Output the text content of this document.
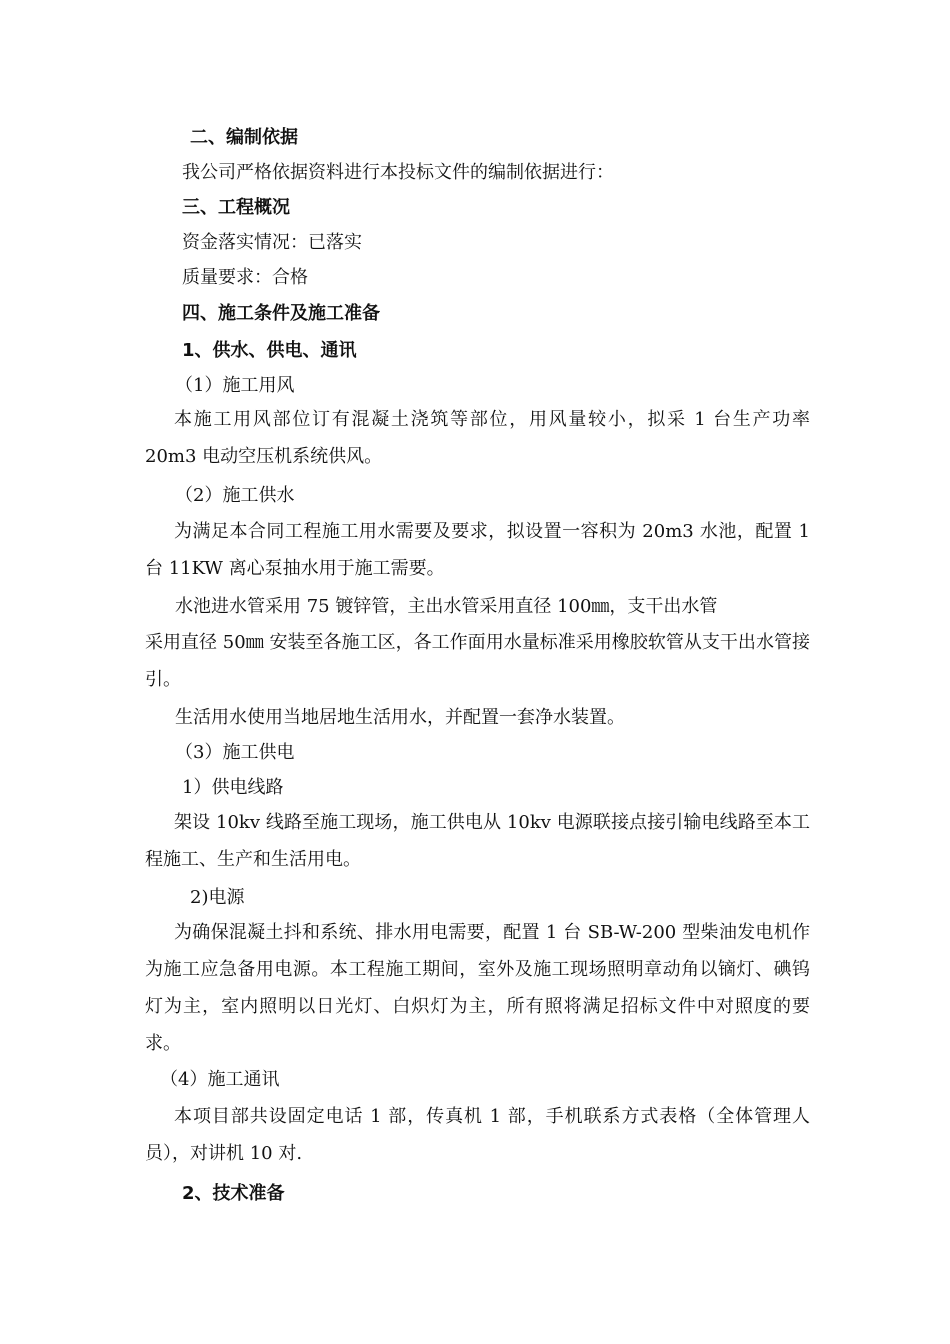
二、编制依据
我公司严格依据资料进行本投标文件的编制依据进行：
三、工程概况
资金落实情况：已落实
质量要求：合格
四、施工条件及施工准备
1、供水、供电、通讯
（1）施工用风
本施工用风部位订有混凝土浇筑等部位，用风量较小，拟采 1 台生产功率 20m3 电动空压机系统供风。
（2）施工供水
为满足本合同工程施工用水需要及要求，拟设置一容积为 20m3 水池，配置 1 台 11KW 离心泵抽水用于施工需要。
水池进水管采用 75 镀锌管，主出水管采用直径 100㎜，支干出水管
采用直径 50㎜ 安装至各施工区，各工作面用水量标准采用橡胶软管从支干出水管接引。
生活用水使用当地居地生活用水，并配置一套净水装置。
（3）施工供电
1）供电线路
架设 10kv 线路至施工现场，施工供电从 10kv 电源联接点接引输电线路至本工程施工、生产和生活用电。
2)电源
为确保混凝土抖和系统、排水用电需要，配置 1 台 SB-W-200 型柴油发电机作为施工应急备用电源。本工程施工期间，室外及施工现场照明章动角以镝灯、碘钨灯为主，室内照明以日光灯、白炽灯为主，所有照将满足招标文件中对照度的要求。
（4）施工通讯
本项目部共设固定电话 1 部，传真机 1 部，手机联系方式表格（全体管理人员），对讲机 10 对.
2、技术准备
